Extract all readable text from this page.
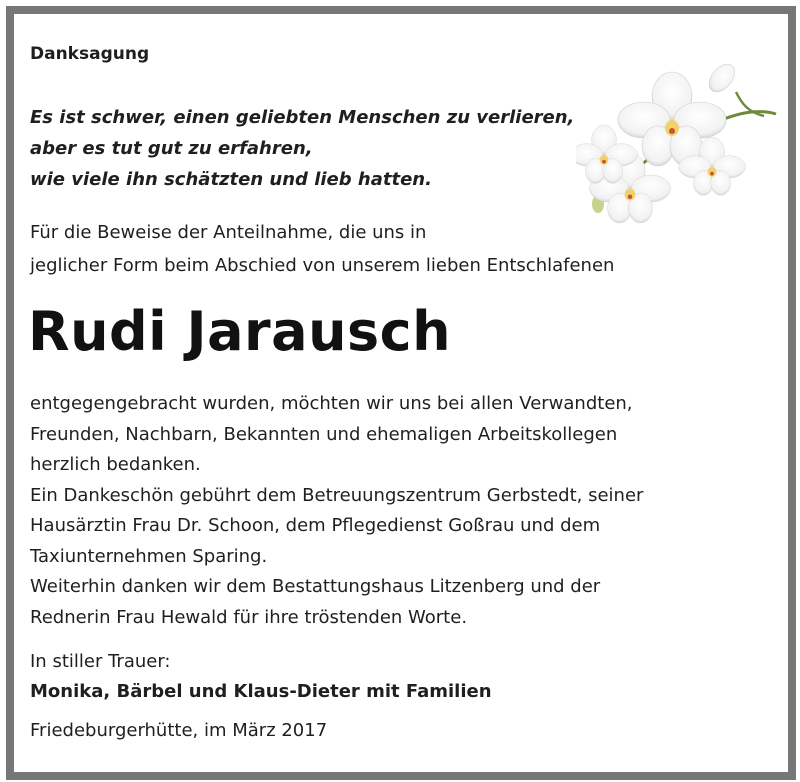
Danksagung
Es ist schwer, einen geliebten Menschen zu verlieren,
aber es tut gut zu erfahren,
wie viele ihn schätzten und lieb hatten.
Für die Beweise der Anteilnahme, die uns in
jeglicher Form beim Abschied von unserem lieben Entschlafenen
Rudi Jarausch
entgegengebracht wurden, möchten wir uns bei allen Verwandten,
Freunden, Nachbarn, Bekannten und ehemaligen Arbeitskollegen
herzlich bedanken.
Ein Dankeschön gebührt dem Betreuungszentrum Gerbstedt, seiner
Hausärztin Frau Dr. Schoon, dem Pflegedienst Goßrau und dem
Taxiunternehmen Sparing.
Weiterhin danken wir dem Bestattungshaus Litzenberg und der
Rednerin Frau Hewald für ihre tröstenden Worte.
In stiller Trauer:
Monika, Bärbel und Klaus-Dieter mit Familien
Friedeburgerhütte, im März 2017
